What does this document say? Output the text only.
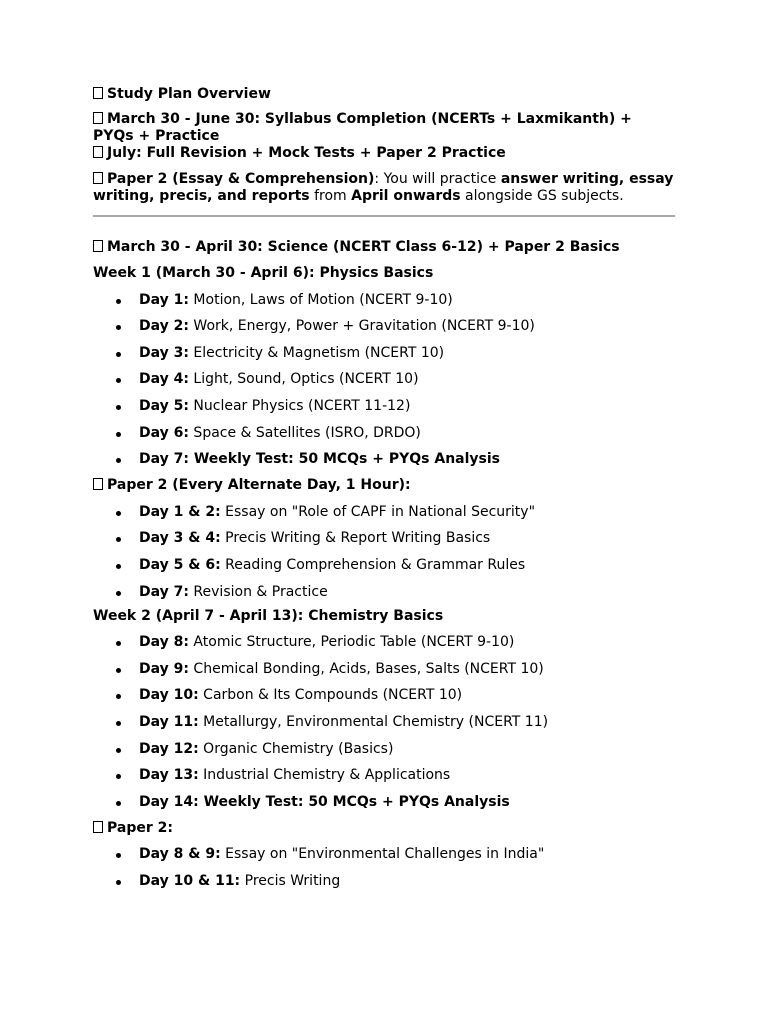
Study Plan Overview
March 30 - June 30: Syllabus Completion (NCERTs + Laxmikanth) + PYQs + Practice
July: Full Revision + Mock Tests + Paper 2 Practice
Paper 2 (Essay & Comprehension): You will practice answer writing, essay writing, precis, and reports from April onwards alongside GS subjects.
March 30 - April 30: Science (NCERT Class 6-12) + Paper 2 Basics
Week 1 (March 30 - April 6): Physics Basics
Day 1: Motion, Laws of Motion (NCERT 9-10)
Day 2: Work, Energy, Power + Gravitation (NCERT 9-10)
Day 3: Electricity & Magnetism (NCERT 10)
Day 4: Light, Sound, Optics (NCERT 10)
Day 5: Nuclear Physics (NCERT 11-12)
Day 6: Space & Satellites (ISRO, DRDO)
Day 7: Weekly Test: 50 MCQs + PYQs Analysis
Paper 2 (Every Alternate Day, 1 Hour):
Day 1 & 2: Essay on "Role of CAPF in National Security"
Day 3 & 4: Precis Writing & Report Writing Basics
Day 5 & 6: Reading Comprehension & Grammar Rules
Day 7: Revision & Practice
Week 2 (April 7 - April 13): Chemistry Basics
Day 8: Atomic Structure, Periodic Table (NCERT 9-10)
Day 9: Chemical Bonding, Acids, Bases, Salts (NCERT 10)
Day 10: Carbon & Its Compounds (NCERT 10)
Day 11: Metallurgy, Environmental Chemistry (NCERT 11)
Day 12: Organic Chemistry (Basics)
Day 13: Industrial Chemistry & Applications
Day 14: Weekly Test: 50 MCQs + PYQs Analysis
Paper 2:
Day 8 & 9: Essay on "Environmental Challenges in India"
Day 10 & 11: Precis Writing
